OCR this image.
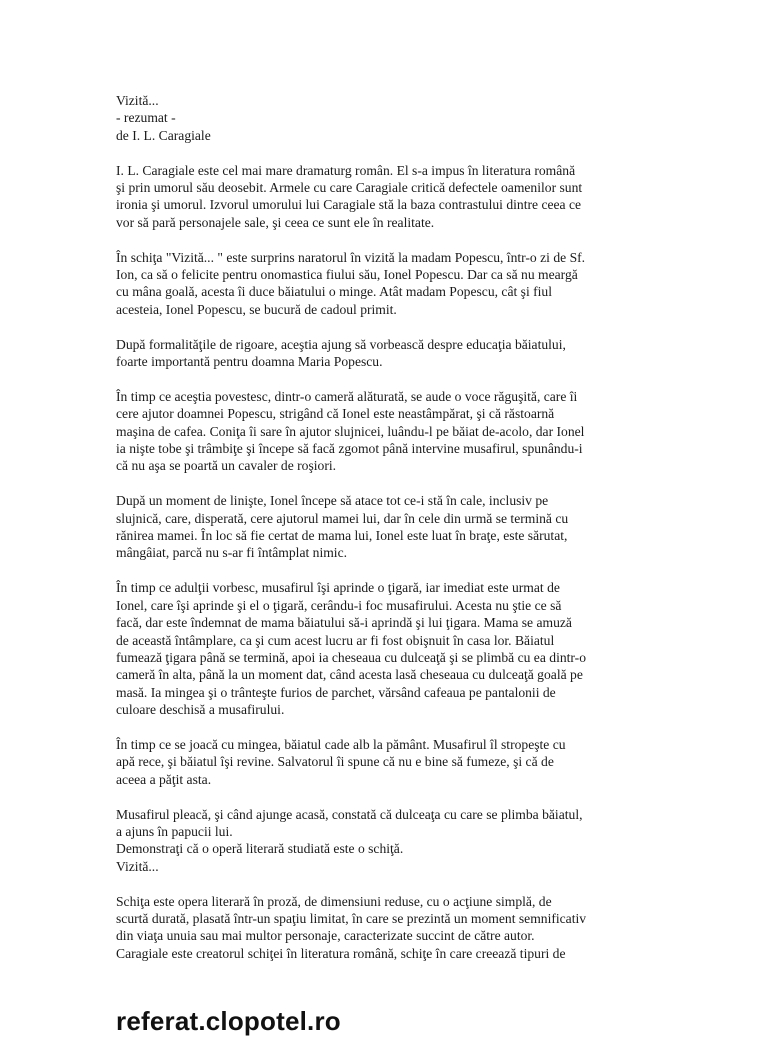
Vizită...
- rezumat -
de I. L. Caragiale
I. L. Caragiale este cel mai mare dramaturg român. El s-a impus în literatura română
şi prin umorul său deosebit. Armele cu care Caragiale critică defectele oamenilor sunt
ironia şi umorul. Izvorul umorului lui Caragiale stă la baza contrastului dintre ceea ce
vor să pară personajele sale, şi ceea ce sunt ele în realitate.
În schiţa "Vizită... " este surprins naratorul în vizită la madam Popescu, într-o zi de Sf.
Ion, ca să o felicite pentru onomastica fiului său, Ionel Popescu. Dar ca să nu meargă
cu mâna goală, acesta îi duce băiatului o minge. Atât madam Popescu, cât şi fiul
acesteia, Ionel Popescu, se bucură de cadoul primit.
După formalităţile de rigoare, aceştia ajung să vorbească despre educaţia băiatului,
foarte importantă pentru doamna Maria Popescu.
În timp ce aceştia povestesc, dintr-o cameră alăturată, se aude o voce răguşită, care îi
cere ajutor doamnei Popescu, strigând că Ionel este neastâmpărat, şi că răstoarnă
maşina de cafea. Coniţa îi sare în ajutor slujnicei, luându-l pe băiat de-acolo, dar Ionel
ia nişte tobe şi trâmbiţe şi începe să facă zgomot până intervine musafirul, spunându-i
că nu aşa se poartă un cavaler de roşiori.
După un moment de linişte, Ionel începe să atace tot ce-i stă în cale, inclusiv pe
slujnică, care, disperată, cere ajutorul mamei lui, dar în cele din urmă se termină cu
rănirea mamei. În loc să fie certat de mama lui, Ionel este luat în braţe, este sărutat,
mângâiat, parcă nu s-ar fi întâmplat nimic.
În timp ce adulţii vorbesc, musafirul îşi aprinde o ţigară, iar imediat este urmat de
Ionel, care îşi aprinde şi el o ţigară, cerându-i foc musafirului. Acesta nu ştie ce să
facă, dar este îndemnat de mama băiatului să-i aprindă şi lui ţigara. Mama se amuză
de această întâmplare, ca şi cum acest lucru ar fi fost obişnuit în casa lor. Băiatul
fumează ţigara până se termină, apoi ia cheseaua cu dulceaţă şi se plimbă cu ea dintr-o
cameră în alta, până la un moment dat, când acesta lasă cheseaua cu dulceaţă goală pe
masă. Ia mingea şi o trânteşte furios de parchet, vărsând cafeaua pe pantalonii de
culoare deschisă a musafirului.
În timp ce se joacă cu mingea, băiatul cade alb la pământ. Musafirul îl stropeşte cu
apă rece, şi băiatul îşi revine. Salvatorul îi spune că nu e bine să fumeze, şi că de
aceea a păţit asta.
Musafirul pleacă, şi când ajunge acasă, constată că dulceaţa cu care se plimba băiatul,
a ajuns în papucii lui.
Demonstraţi că o operă literară studiată este o schiţă.
Vizită...
Schiţa este opera literară în proză, de dimensiuni reduse, cu o acţiune simplă, de
scurtă durată, plasată într-un spaţiu limitat, în care se prezintă un moment semnificativ
din viaţa unuia sau mai multor personaje, caracterizate succint de către autor.
Caragiale este creatorul schiţei în literatura română, schiţe în care creează tipuri de
referat.clopotel.ro
